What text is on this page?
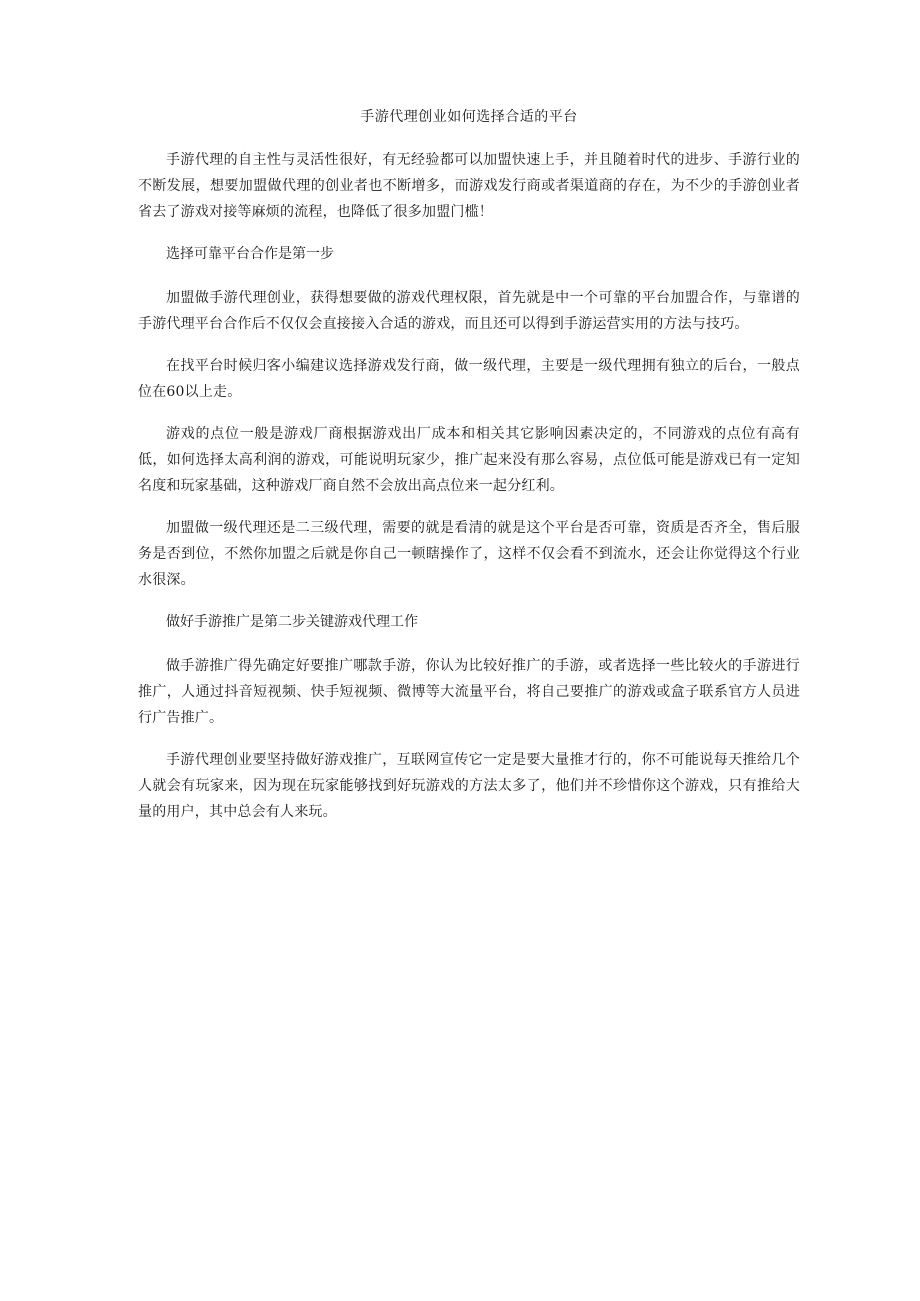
手游代理创业如何选择合适的平台

手游代理的自主性与灵活性很好，有无经验都可以加盟快速上手，并且随着时代的进步、手游行业的不断发展，想要加盟做代理的创业者也不断增多，而游戏发行商或者渠道商的存在，为不少的手游创业者省去了游戏对接等麻烦的流程，也降低了很多加盟门槛！

选择可靠平台合作是第一步

加盟做手游代理创业，获得想要做的游戏代理权限，首先就是中一个可靠的平台加盟合作，与靠谱的手游代理平台合作后不仅仅会直接接入合适的游戏，而且还可以得到手游运营实用的方法与技巧。

在找平台时候归客小编建议选择游戏发行商，做一级代理，主要是一级代理拥有独立的后台，一般点位在60以上走。

游戏的点位一般是游戏厂商根据游戏出厂成本和相关其它影响因素决定的，不同游戏的点位有高有低，如何选择太高利润的游戏，可能说明玩家少，推广起来没有那么容易，点位低可能是游戏已有一定知名度和玩家基础，这种游戏厂商自然不会放出高点位来一起分红利。

加盟做一级代理还是二三级代理，需要的就是看清的就是这个平台是否可靠，资质是否齐全，售后服务是否到位，不然你加盟之后就是你自己一顿瞎操作了，这样不仅会看不到流水，还会让你觉得这个行业水很深。

做好手游推广是第二步关键游戏代理工作

做手游推广得先确定好要推广哪款手游，你认为比较好推广的手游，或者选择一些比较火的手游进行推广，人通过抖音短视频、快手短视频、微博等大流量平台，将自己要推广的游戏或盒子联系官方人员进行广告推广。

手游代理创业要坚持做好游戏推广，互联网宣传它一定是要大量推才行的，你不可能说每天推给几个人就会有玩家来，因为现在玩家能够找到好玩游戏的方法太多了，他们并不珍惜你这个游戏，只有推给大量的用户，其中总会有人来玩。
